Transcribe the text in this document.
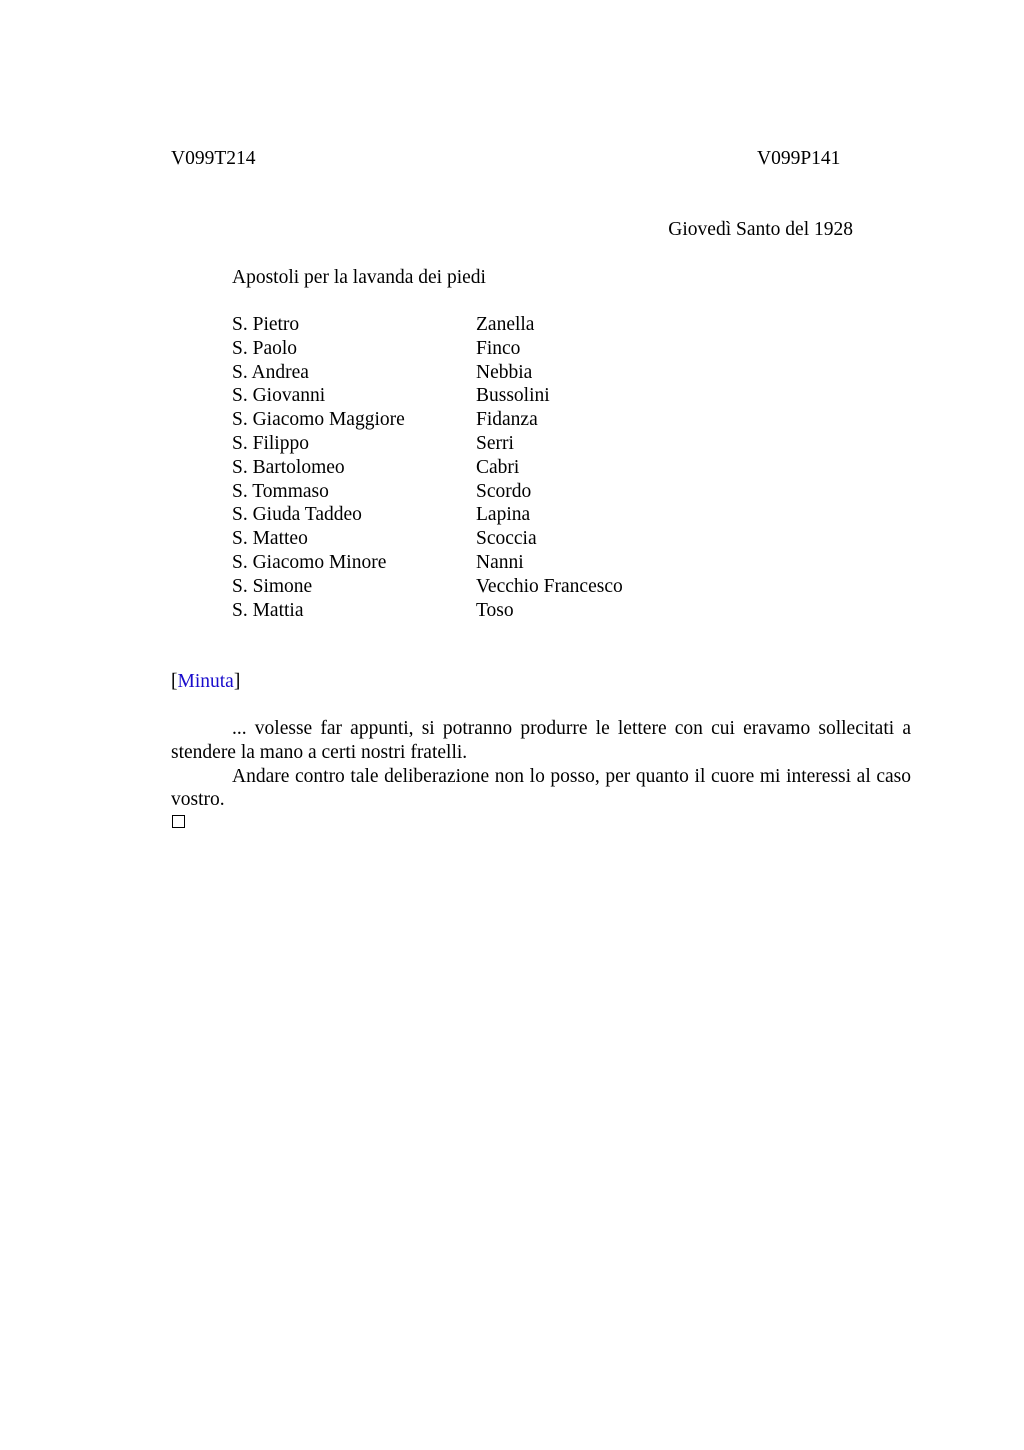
V099T214	V099P141
Giovedì Santo del 1928
Apostoli per la lavanda dei piedi
S. Pietro	Zanella
S. Paolo	Finco
S. Andrea	Nebbia
S. Giovanni	Bussolini
S. Giacomo Maggiore	Fidanza
S. Filippo	Serri
S. Bartolomeo	Cabri
S. Tommaso	Scordo
S. Giuda Taddeo	Lapina
S. Matteo	Scoccia
S. Giacomo Minore	Nanni
S. Simone	Vecchio Francesco
S. Mattia	Toso
[Minuta]

... volesse far appunti, si potranno produrre le lettere con cui eravamo sollecitati a stendere la mano a certi nostri fratelli.

Andare contro tale deliberazione non lo posso, per quanto il cuore mi interessi al caso vostro.
